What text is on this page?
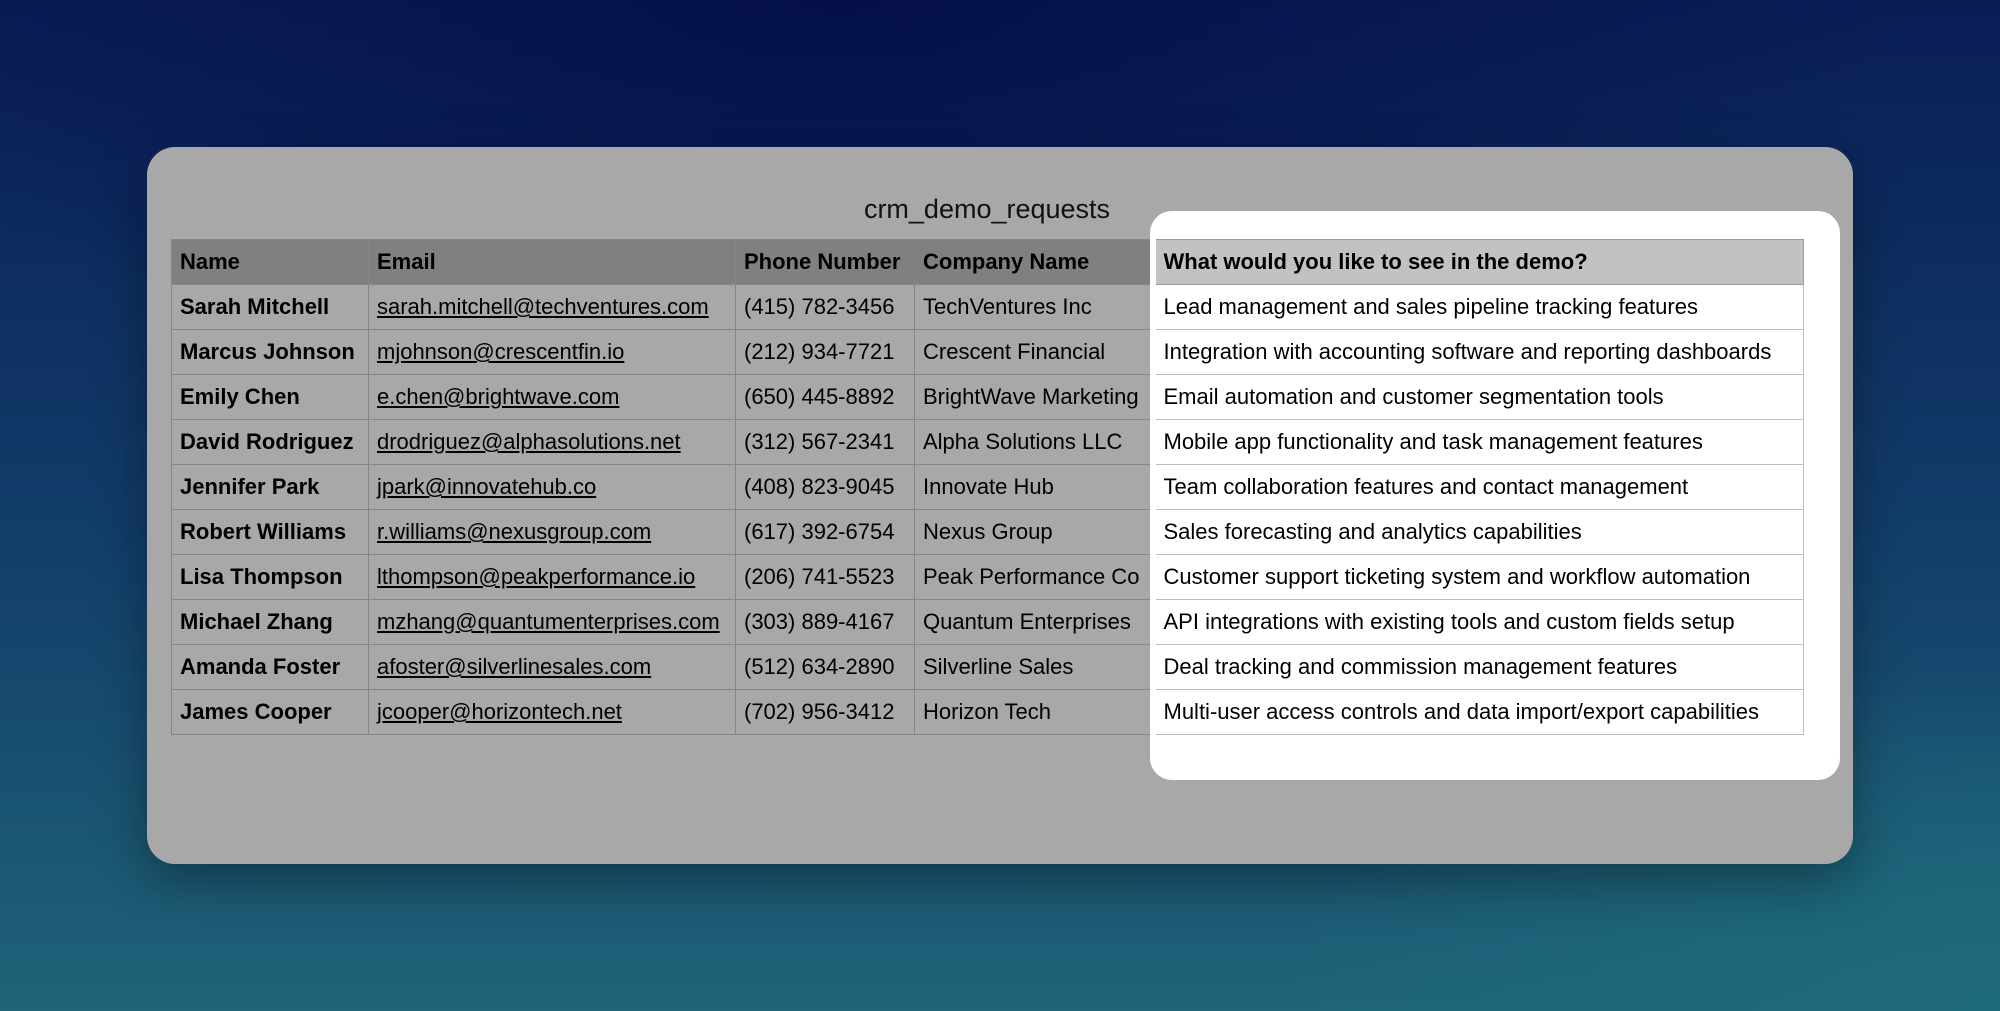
crm_demo_requests
Name	Email	Phone Number	Company Name	What would you like to see in the demo?
Sarah Mitchell	sarah.mitchell@techventures.com	(415) 782-3456	TechVentures Inc	Lead management and sales pipeline tracking features
Marcus Johnson	mjohnson@crescentfin.io	(212) 934-7721	Crescent Financial	Integration with accounting software and reporting dashboards
Emily Chen	e.chen@brightwave.com	(650) 445-8892	BrightWave Marketing	Email automation and customer segmentation tools
David Rodriguez	drodriguez@alphasolutions.net	(312) 567-2341	Alpha Solutions LLC	Mobile app functionality and task management features
Jennifer Park	jpark@innovatehub.co	(408) 823-9045	Innovate Hub	Team collaboration features and contact management
Robert Williams	r.williams@nexusgroup.com	(617) 392-6754	Nexus Group	Sales forecasting and analytics capabilities
Lisa Thompson	lthompson@peakperformance.io	(206) 741-5523	Peak Performance Co	Customer support ticketing system and workflow automation
Michael Zhang	mzhang@quantumenterprises.com	(303) 889-4167	Quantum Enterprises	API integrations with existing tools and custom fields setup
Amanda Foster	afoster@silverlinesales.com	(512) 634-2890	Silverline Sales	Deal tracking and commission management features
James Cooper	jcooper@horizontech.net	(702) 956-3412	Horizon Tech	Multi-user access controls and data import/export capabilities
